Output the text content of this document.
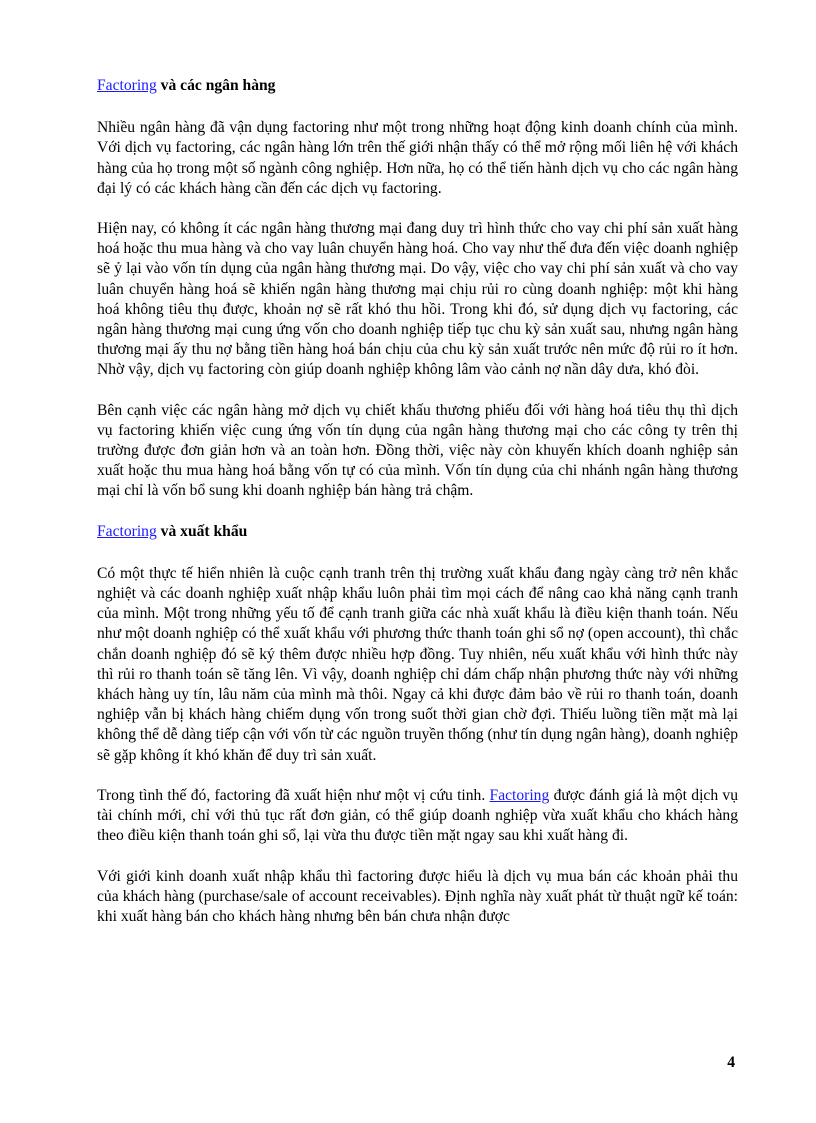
Factoring và các ngân hàng

Nhiều ngân hàng đã vận dụng factoring như một trong những hoạt động kinh doanh chính của mình. Với dịch vụ factoring, các ngân hàng lớn trên thế giới nhận thấy có thể mở rộng mối liên hệ với khách hàng của họ trong một số ngành công nghiệp. Hơn nữa, họ có thể tiến hành dịch vụ cho các ngân hàng đại lý có các khách hàng cần đến các dịch vụ factoring.

Hiện nay, có không ít các ngân hàng thương mại đang duy trì hình thức cho vay chi phí sản xuất hàng hoá hoặc thu mua hàng và cho vay luân chuyển hàng hoá. Cho vay như thế đưa đến việc doanh nghiệp sẽ ỷ lại vào vốn tín dụng của ngân hàng thương mại. Do vậy, việc cho vay chi phí sản xuất và cho vay luân chuyển hàng hoá sẽ khiến ngân hàng thương mại chịu rủi ro cùng doanh nghiệp: một khi hàng hoá không tiêu thụ được, khoản nợ sẽ rất khó thu hồi. Trong khi đó, sử dụng dịch vụ factoring, các ngân hàng thương mại cung ứng vốn cho doanh nghiệp tiếp tục chu kỳ sản xuất sau, nhưng ngân hàng thương mại ấy thu nợ bằng tiền hàng hoá bán chịu của chu kỳ sản xuất trước nên mức độ rủi ro ít hơn. Nhờ vậy, dịch vụ factoring còn giúp doanh nghiệp không lâm vào cảnh nợ nần dây dưa, khó đòi.

Bên cạnh việc các ngân hàng mở dịch vụ chiết khấu thương phiếu đối với hàng hoá tiêu thụ thì dịch vụ factoring khiến việc cung ứng vốn tín dụng của ngân hàng thương mại cho các công ty trên thị trường được đơn giản hơn và an toàn hơn. Đồng thời, việc này còn khuyến khích doanh nghiệp sản xuất hoặc thu mua hàng hoá bằng vốn tự có của mình. Vốn tín dụng của chi nhánh ngân hàng thương mại chỉ là vốn bổ sung khi doanh nghiệp bán hàng trả chậm.

Factoring và xuất khẩu

Có một thực tế hiển nhiên là cuộc cạnh tranh trên thị trường xuất khẩu đang ngày càng trở nên khắc nghiệt và các doanh nghiệp xuất nhập khẩu luôn phải tìm mọi cách để nâng cao khả năng cạnh tranh của mình. Một trong những yếu tố để cạnh tranh giữa các nhà xuất khẩu là điều kiện thanh toán. Nếu như một doanh nghiệp có thể xuất khẩu với phương thức thanh toán ghi sổ nợ (open account), thì chắc chắn doanh nghiệp đó sẽ ký thêm được nhiều hợp đồng. Tuy nhiên, nếu xuất khẩu với hình thức này thì rủi ro thanh toán sẽ tăng lên. Vì vậy, doanh nghiệp chỉ dám chấp nhận phương thức này với những khách hàng uy tín, lâu năm của mình mà thôi. Ngay cả khi được đảm bảo về rủi ro thanh toán, doanh nghiệp vẫn bị khách hàng chiếm dụng vốn trong suốt thời gian chờ đợi. Thiếu luồng tiền mặt mà lại không thể dễ dàng tiếp cận với vốn từ các nguồn truyền thống (như tín dụng ngân hàng), doanh nghiệp sẽ gặp không ít khó khăn để duy trì sản xuất.

Trong tình thế đó, factoring đã xuất hiện như một vị cứu tinh. Factoring được đánh giá là một dịch vụ tài chính mới, chỉ với thủ tục rất đơn giản, có thể giúp doanh nghiệp vừa xuất khẩu cho khách hàng theo điều kiện thanh toán ghi sổ, lại vừa thu được tiền mặt ngay sau khi xuất hàng đi.

Với giới kinh doanh xuất nhập khẩu thì factoring được hiểu là dịch vụ mua bán các khoản phải thu của khách hàng (purchase/sale of account receivables). Định nghĩa này xuất phát từ thuật ngữ kế toán: khi xuất hàng bán cho khách hàng nhưng bên bán chưa nhận được

4
